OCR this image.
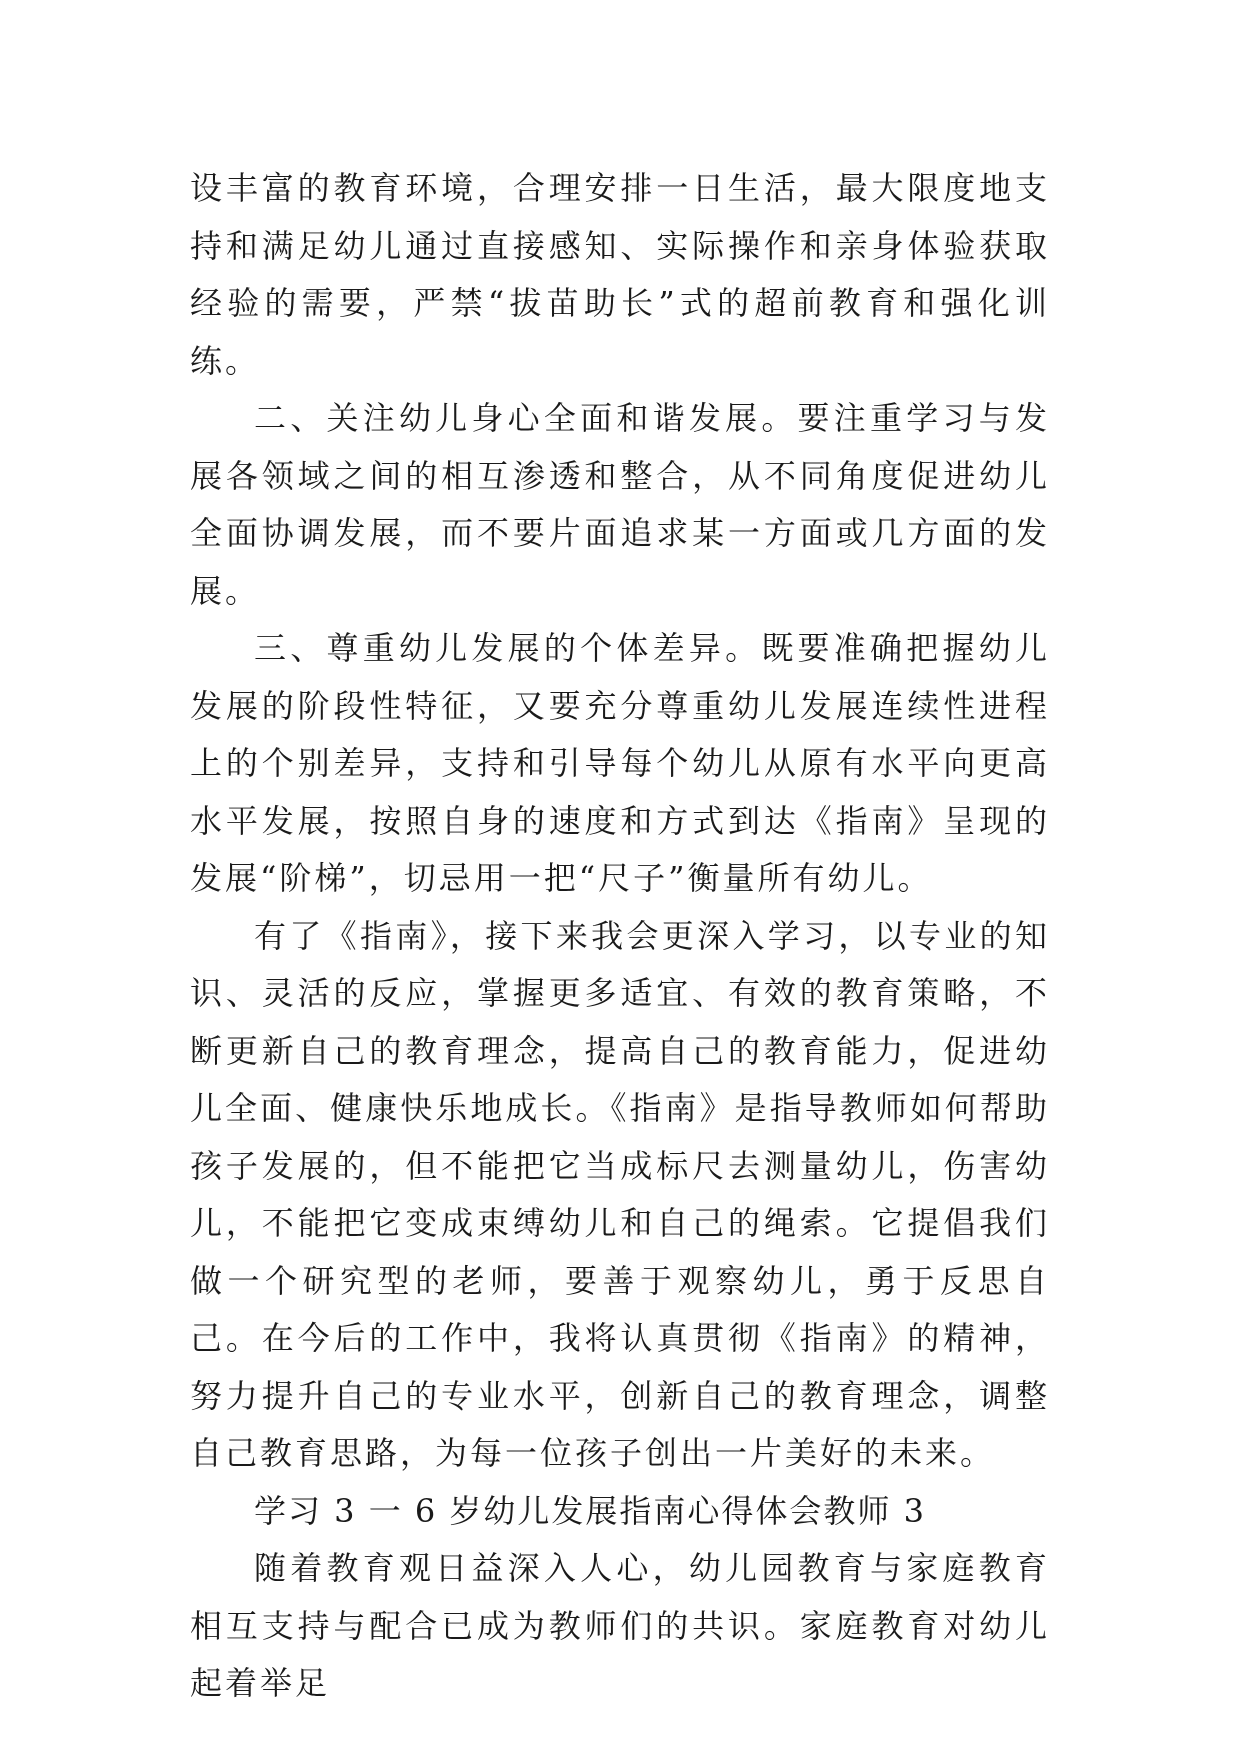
设丰富的教育环境，合理安排一日生活，最大限度地支持和满足幼儿通过直接感知、实际操作和亲身体验获取经验的需要，严禁“拔苗助长”式的超前教育和强化训练。

二、关注幼儿身心全面和谐发展。要注重学习与发展各领域之间的相互渗透和整合，从不同角度促进幼儿全面协调发展，而不要片面追求某一方面或几方面的发展。

三、尊重幼儿发展的个体差异。既要准确把握幼儿发展的阶段性特征，又要充分尊重幼儿发展连续性进程上的个别差异，支持和引导每个幼儿从原有水平向更高水平发展，按照自身的速度和方式到达《指南》呈现的发展“阶梯”，切忌用一把“尺子”衡量所有幼儿。

有了《指南》，接下来我会更深入学习，以专业的知识、灵活的反应，掌握更多适宜、有效的教育策略，不断更新自己的教育理念，提高自己的教育能力，促进幼儿全面、健康快乐地成长。《指南》是指导教师如何帮助孩子发展的，但不能把它当成标尺去测量幼儿，伤害幼儿，不能把它变成束缚幼儿和自己的绳索。它提倡我们做一个研究型的老师，要善于观察幼儿，勇于反思自己。在今后的工作中，我将认真贯彻《指南》的精神，努力提升自己的专业水平，创新自己的教育理念，调整自己教育思路，为每一位孩子创出一片美好的未来。

学习 3 一 6 岁幼儿发展指南心得体会教师 3

随着教育观日益深入人心，幼儿园教育与家庭教育相互支持与配合已成为教师们的共识。家庭教育对幼儿起着举足
